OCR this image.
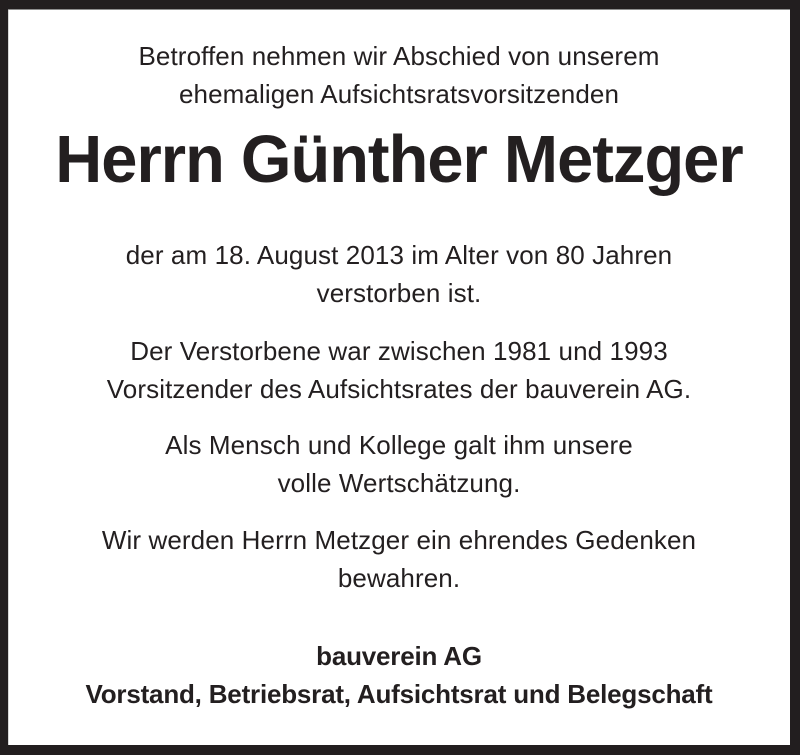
Betroffen nehmen wir Abschied von unserem
ehemaligen Aufsichtsratsvorsitzenden
Herrn Günther Metzger
der am 18. August 2013 im Alter von 80 Jahren
verstorben ist.
Der Verstorbene war zwischen 1981 und 1993
Vorsitzender des Aufsichtsrates der bauverein AG.
Als Mensch und Kollege galt ihm unsere
volle Wertschätzung.
Wir werden Herrn Metzger ein ehrendes Gedenken
bewahren.
bauverein AG
Vorstand, Betriebsrat, Aufsichtsrat und Belegschaft
